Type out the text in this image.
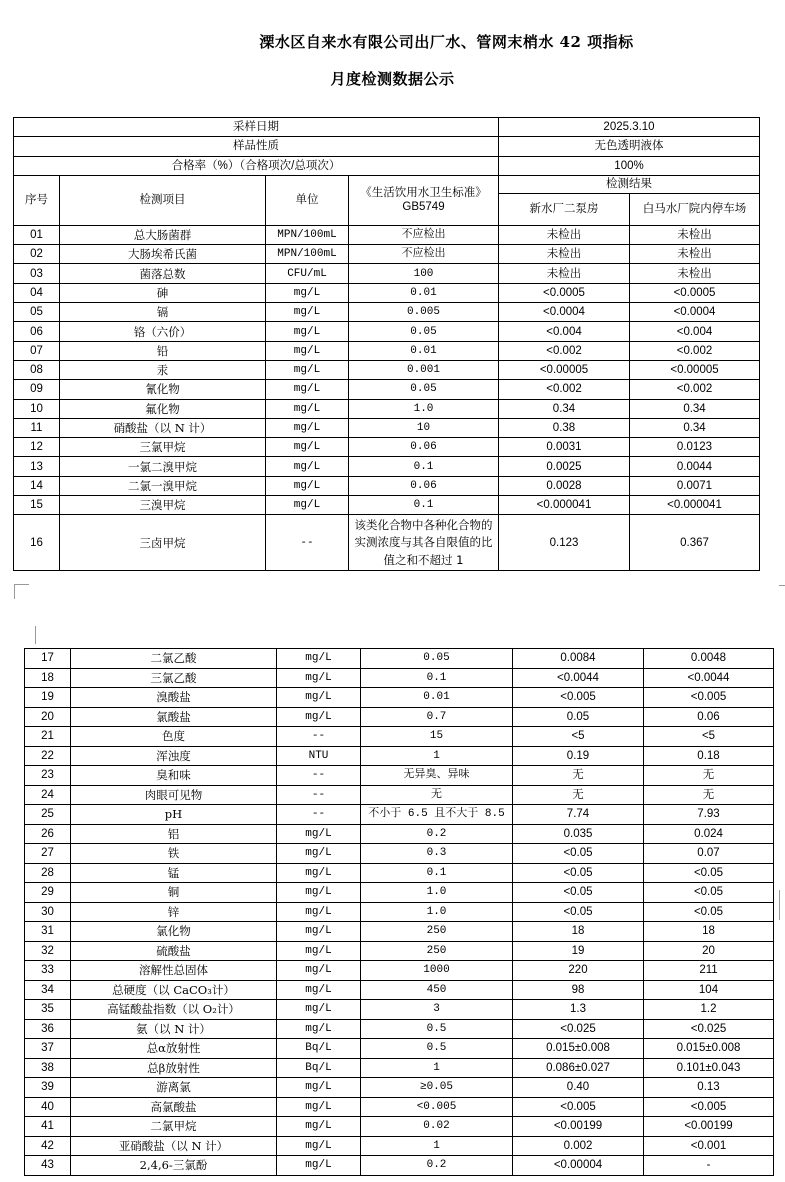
溧水区自来水有限公司出厂水、管网末梢水 42 项指标
月度检测数据公示
采样日期				2025.3.10	
样品性质				无色透明液体	
合格率（%）（合格项次/总项次）				100%	
序号	检测项目	单位	《生活饮用水卫生标准》
GB5749	检测结果	
				新水厂二泵房	白马水厂院内停车场
01	总大肠菌群	MPN/100mL	不应检出	未检出	未检出
02	大肠埃希氏菌	MPN/100mL	不应检出	未检出	未检出
03	菌落总数	CFU/mL	100	未检出	未检出
04	砷	mg/L	0.01	<0.0005	<0.0005
05	镉	mg/L	0.005	<0.0004	<0.0004
06	铬（六价）	mg/L	0.05	<0.004	<0.004
07	铅	mg/L	0.01	<0.002	<0.002
08	汞	mg/L	0.001	<0.00005	<0.00005
09	氰化物	mg/L	0.05	<0.002	<0.002
10	氟化物	mg/L	1.0	0.34	0.34
11	硝酸盐（以 N 计）	mg/L	10	0.38	0.34
12	三氯甲烷	mg/L	0.06	0.0031	0.0123
13	一氯二溴甲烷	mg/L	0.1	0.0025	0.0044
14	二氯一溴甲烷	mg/L	0.06	0.0028	0.0071
15	三溴甲烷	mg/L	0.1	<0.000041	<0.000041
16	三卤甲烷	--	该类化合物中各种化合物的实测浓度与其各自限值的比值之和不超过 1	0.123	0.367
17	二氯乙酸	mg/L	0.05	0.0084	0.0048
18	三氯乙酸	mg/L	0.1	<0.0044	<0.0044
19	溴酸盐	mg/L	0.01	<0.005	<0.005
20	氯酸盐	mg/L	0.7	0.05	0.06
21	色度	--	15	<5	<5
22	浑浊度	NTU	1	0.19	0.18
23	臭和味	--	无异臭、异味	无	无
24	肉眼可见物	--	无	无	无
25	pH	--	不小于 6.5 且不大于 8.5	7.74	7.93
26	铝	mg/L	0.2	0.035	0.024
27	铁	mg/L	0.3	<0.05	0.07
28	锰	mg/L	0.1	<0.05	<0.05
29	铜	mg/L	1.0	<0.05	<0.05
30	锌	mg/L	1.0	<0.05	<0.05
31	氯化物	mg/L	250	18	18
32	硫酸盐	mg/L	250	19	20
33	溶解性总固体	mg/L	1000	220	211
34	总硬度（以 CaCO₃计）	mg/L	450	98	104
35	高锰酸盐指数（以 O₂计）	mg/L	3	1.3	1.2
36	氨（以 N 计）	mg/L	0.5	<0.025	<0.025
37	总α放射性	Bq/L	0.5	0.015±0.008	0.015±0.008
38	总β放射性	Bq/L	1	0.086±0.027	0.101±0.043
39	游离氯	mg/L	≥0.05	0.40	0.13
40	高氯酸盐	mg/L	<0.005	<0.005	<0.005
41	二氯甲烷	mg/L	0.02	<0.00199	<0.00199
42	亚硝酸盐（以 N 计）	mg/L	1	0.002	<0.001
43	2,4,6-三氯酚	mg/L	0.2	<0.00004	-
